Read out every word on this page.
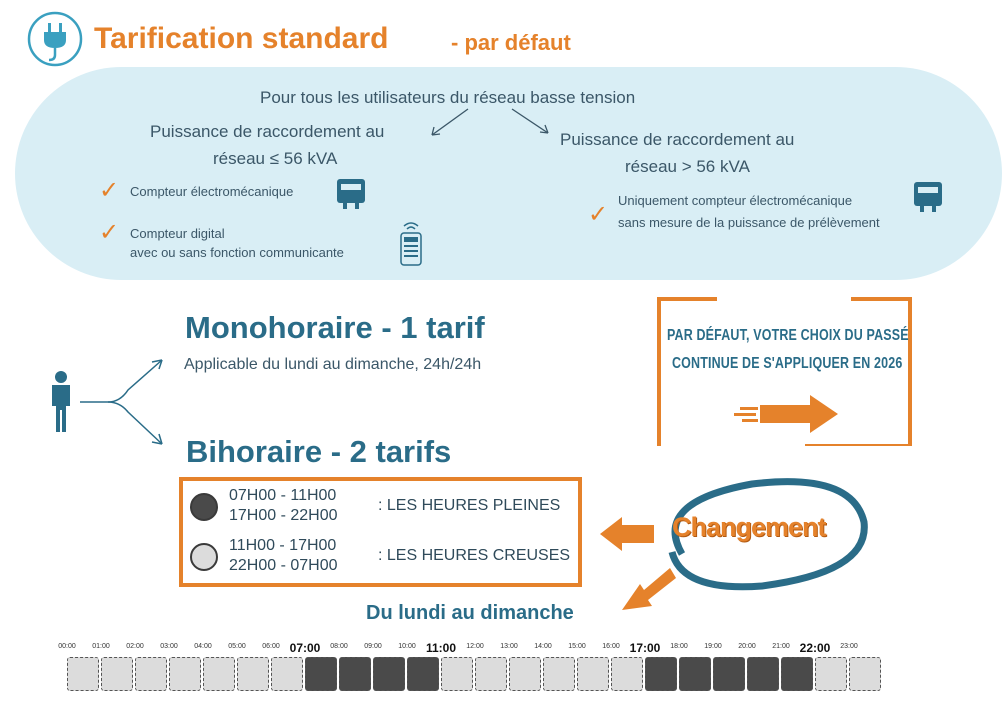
Tarification standard	- par défaut
Pour tous les utilisateurs du réseau basse tension
Puissance de raccordement au
réseau ≤ 56 kVA
Puissance de raccordement au
réseau > 56 kVA
✓
✓
✓
Compteur électromécanique
Compteur digital
avec ou sans fonction communicante
Uniquement compteur électromécanique
sans mesure de la puissance de prélèvement
Monohoraire - 1 tarif
Applicable du lundi au dimanche, 24h/24h
Bihoraire - 2 tarifs
PAR DÉFAUT, VOTRE CHOIX DU PASSÉ
CONTINUE DE S'APPLIQUER EN 2026
07H00 - 11H00
17H00 - 22H00
11H00 - 17H00
22H00 - 07H00
: LES HEURES PLEINES
: LES HEURES CREUSES
Changement
Du lundi au dimanche
00:00 01:00 02:00 03:00 04:00 05:00 06:00 07:00 08:00 09:00 10:00 11:00 12:00 13:00 14:00 15:00 16:00 17:00 18:00 19:00 20:00 21:00 22:00 23:00
